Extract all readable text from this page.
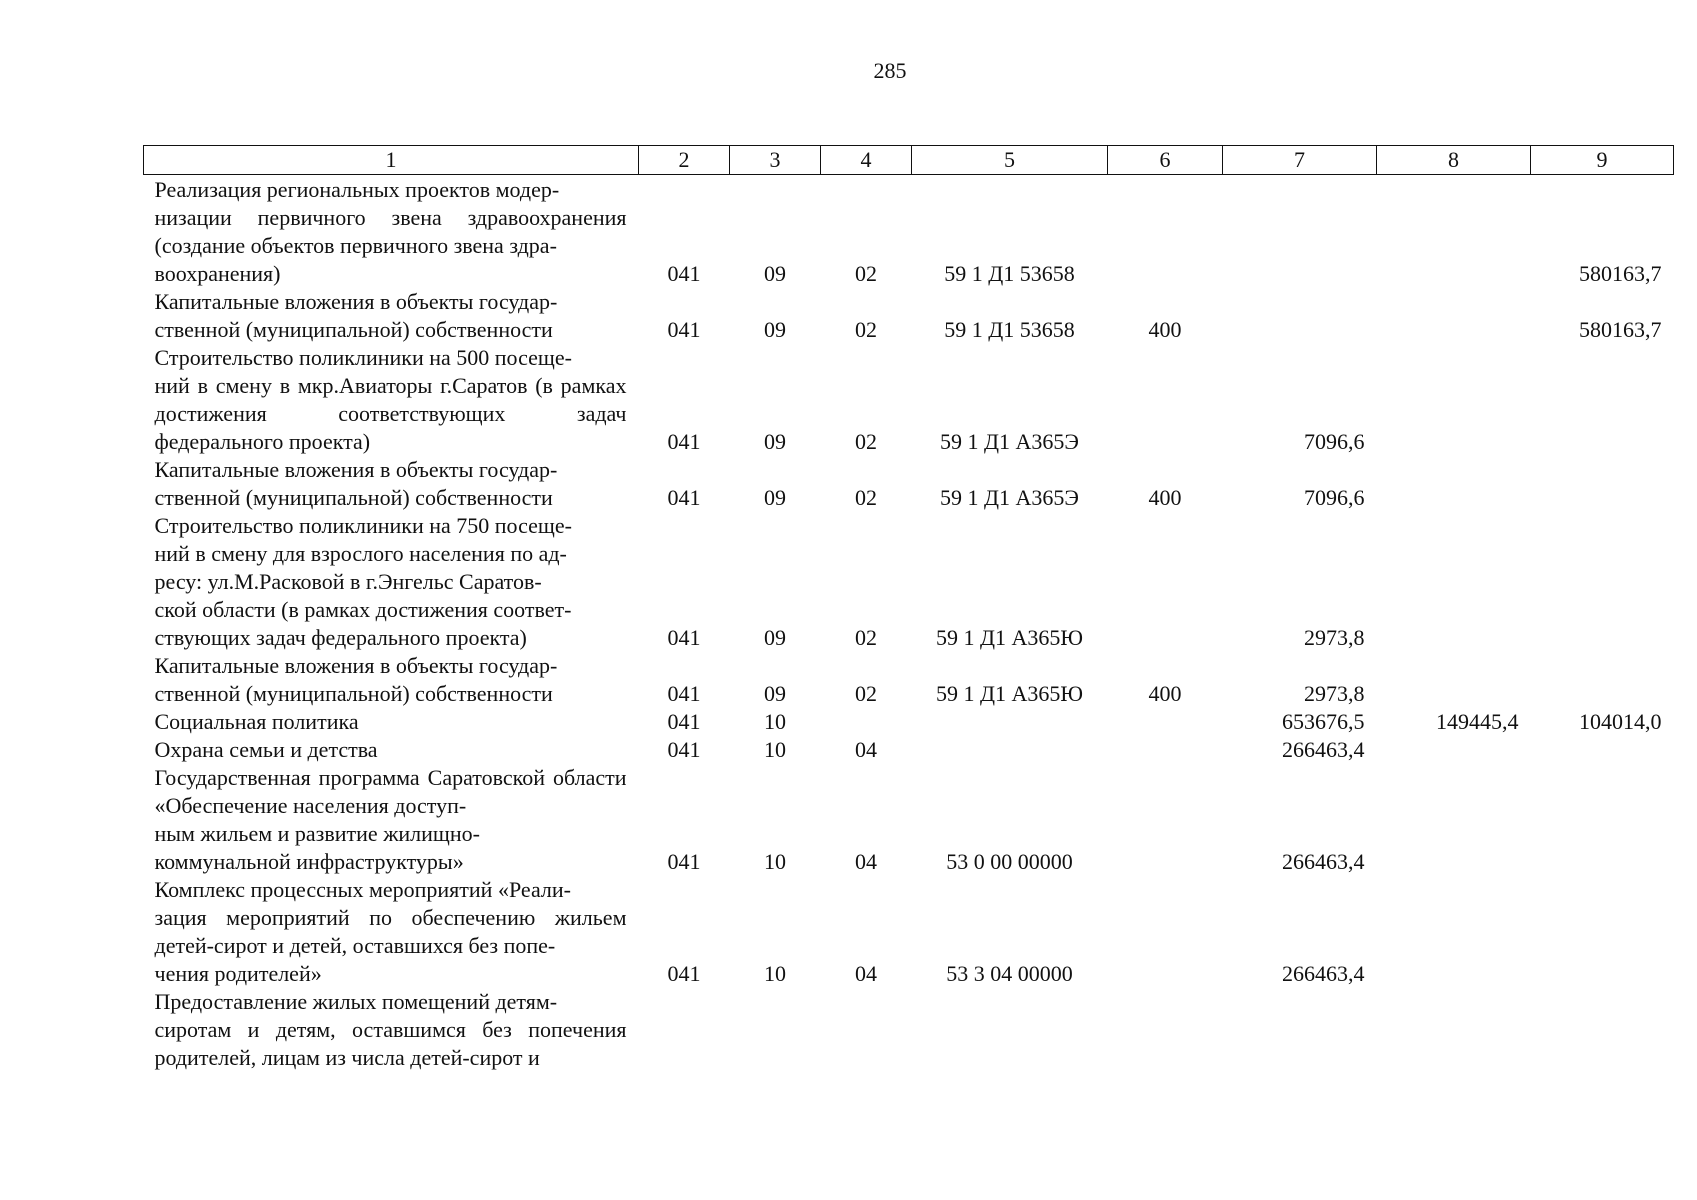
285
1	2	3	4	5	6	7	8	9

Реализация региональных проектов модер-
низации первичного звена здравоохранения (создание объектов первичного звена здра-
воохранения)	041	09	02	59 1 Д1 53658				580163,7

Капитальные вложения в объекты государ-
ственной (муниципальной) собственности	041	09	02	59 1 Д1 53658	400			580163,7

Строительство поликлиники на 500 посеще-
ний в смену в мкр.Авиаторы г.Саратов (в рамках достижения соответствующих задач федерального проекта)	041	09	02	59 1 Д1 А365Э		7096,6		

Капитальные вложения в объекты государ-
ственной (муниципальной) собственности	041	09	02	59 1 Д1 А365Э	400	7096,6		

Строительство поликлиники на 750 посеще-
ний в смену для взрослого населения по ад-
ресу: ул.М.Расковой в г.Энгельс Саратов-
ской области (в рамках достижения соответ-
ствующих задач федерального проекта)	041	09	02	59 1 Д1 А365Ю		2973,8		

Капитальные вложения в объекты государ-
ственной (муниципальной) собственности	041	09	02	59 1 Д1 А365Ю	400	2973,8		

Социальная политика	041	10				653676,5	149445,4	104014,0

Охрана семьи и детства	041	10	04			266463,4		

Государственная программа Саратовской области «Обеспечение населения доступ-
ным жильем и развитие жилищно-
коммунальной инфраструктуры»	041	10	04	53 0 00 00000		266463,4		

Комплекс процессных мероприятий «Реали-
зация мероприятий по обеспечению жильем детей-сирот и детей, оставшихся без попе-
чения родителей»	041	10	04	53 3 04 00000		266463,4		

Предоставление жилых помещений детям-
сиротам и детям, оставшимся без попечения родителей, лицам из числа детей-сирот и								
